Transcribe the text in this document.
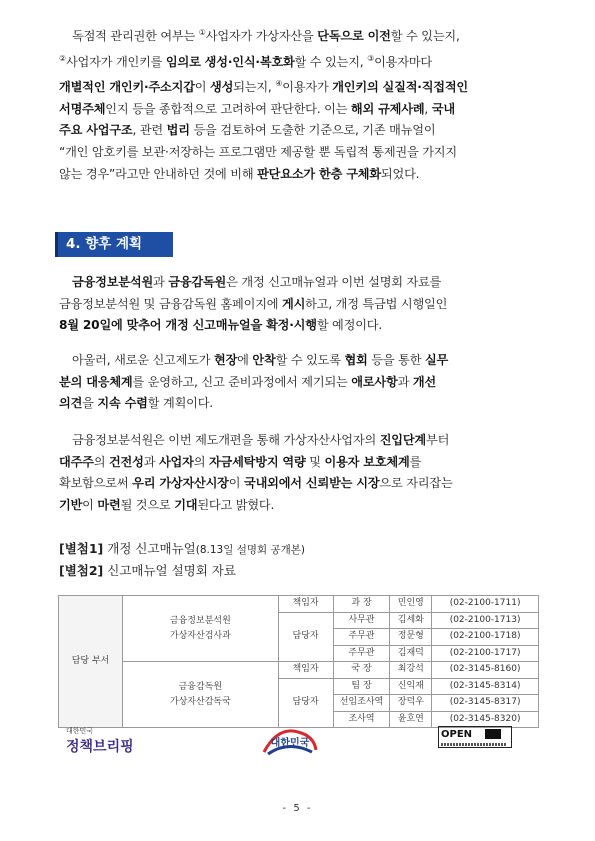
독점적 관리권한 여부는 ①사업자가 가상자산을 단독으로 이전할 수 있는지,
②사업자가 개인키를 임의로 생성·인식·복호화할 수 있는지, ③이용자마다
개별적인 개인키·주소지갑이 생성되는지, ④이용자가 개인키의 실질적·직접적인
서명주체인지 등을 종합적으로 고려하여 판단한다. 이는 해외 규제사례, 국내
주요 사업구조, 관련 법리 등을 검토하여 도출한 기준으로, 기존 매뉴얼이
“개인 암호키를 보관·저장하는 프로그램만 제공할 뿐 독립적 통제권을 가지지
않는 경우”라고만 안내하던 것에 비해 판단요소가 한층 구체화되었다.
4. 향후 계획
금융정보분석원과 금융감독원은 개정 신고매뉴얼과 이번 설명회 자료를
금융정보분석원 및 금융감독원 홈페이지에 게시하고, 개정 특금법 시행일인
8월 20일에 맞추어 개정 신고매뉴얼을 확정·시행할 예정이다.
아울러, 새로운 신고제도가 현장에 안착할 수 있도록 협회 등을 통한 실무
분의 대응체계를 운영하고, 신고 준비과정에서 제기되는 애로사항과 개선
의견을 지속 수렴할 계획이다.
금융정보분석원은 이번 제도개편을 통해 가상자산사업자의 진입단계부터
대주주의 건전성과 사업자의 자금세탁방지 역량 및 이용자 보호체계를
확보함으로써 우리 가상자산시장이 국내외에서 신뢰받는 시장으로 자리잡는
기반이 마련될 것으로 기대된다고 밝혔다.
[별첨1] 개정 신고매뉴얼(8.13일 설명회 공개본)
[별첨2] 신고매뉴얼 설명회 자료
담당 부서	금융정보분석원
가상자산검사과	책임자	과 장	민인영	(02-2100-1711)
		담당자	사무관	김세화	(02-2100-1713)
			주무관	정문형	(02-2100-1718)
			주무관	김재덕	(02-2100-1717)
	금융감독원
가상자산감독국	책임자	국 장	최강석	(02-3145-8160)
		담당자	팀 장	신익재	(02-3145-8314)
			선임조사역	장덕우	(02-3145-8317)
			조사역	윤호연	(02-3145-8320)
대한민국
정책브리핑	대한민국
OPEN
- 5 -
